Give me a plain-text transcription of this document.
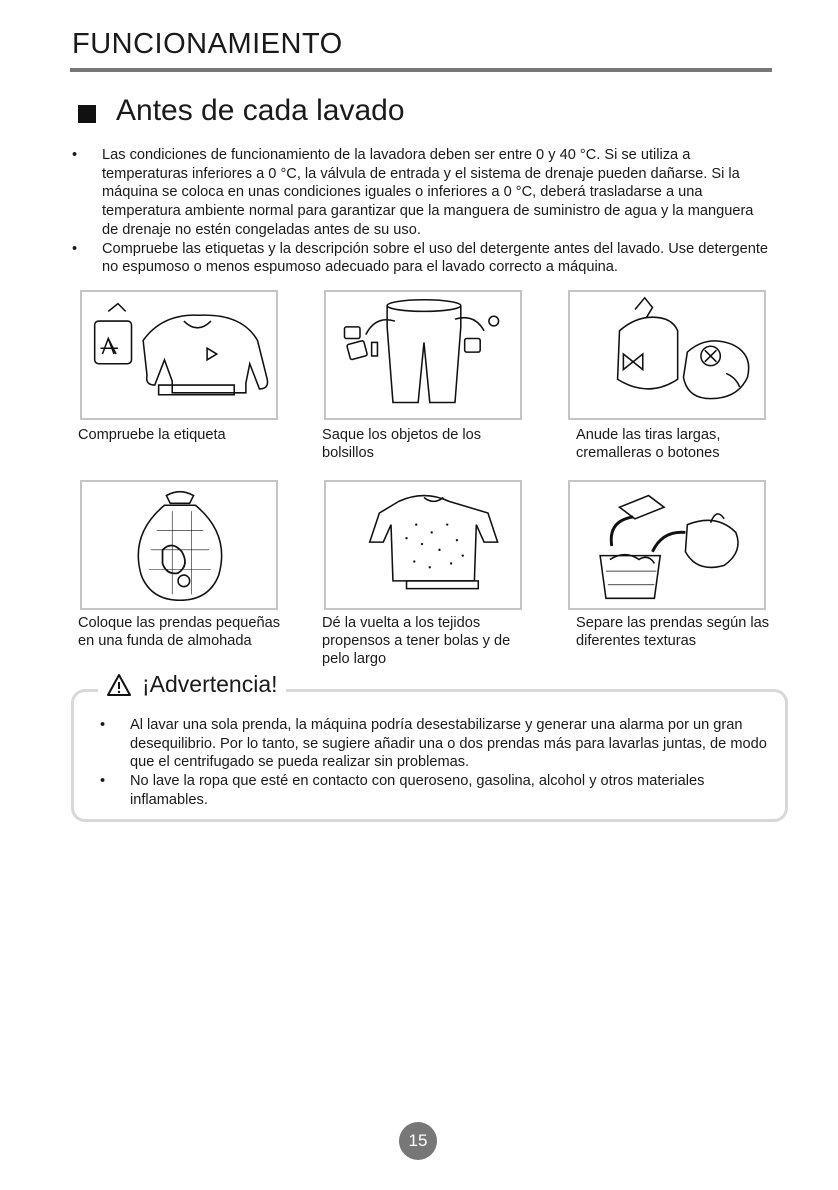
FUNCIONAMIENTO
Antes de cada lavado
• Las condiciones de funcionamiento de la lavadora deben ser entre 0 y 40 °C. Si se utiliza a temperaturas inferiores a 0 °C, la válvula de entrada y el sistema de drenaje pueden dañarse. Si la máquina se coloca en unas condiciones iguales o inferiores a 0 °C, deberá trasladarse a una temperatura ambiente normal para garantizar que la manguera de suministro de agua y la manguera de drenaje no estén congeladas antes de su uso.
• Compruebe las etiquetas y la descripción sobre el uso del detergente antes del lavado. Use detergente no espumoso o menos espumoso adecuado para el lavado correcto a máquina.

Compruebe la etiqueta	Saque los objetos de los bolsillos

Anude las tiras largas, cremalleras o botones

Coloque las prendas pequeñas en una funda de almohada

Dé la vuelta a los tejidos propensos a tener bolas y de pelo largo

Separe las prendas según las diferentes texturas

¡Advertencia!
• Al lavar una sola prenda, la máquina podría desestabilizarse y generar una alarma por un gran desequilibrio. Por lo tanto, se sugiere añadir una o dos prendas más para lavarlas juntas, de modo que el centrifugado se pueda realizar sin problemas.
• No lave la ropa que esté en contacto con queroseno, gasolina, alcohol y otros materiales inflamables.
15
